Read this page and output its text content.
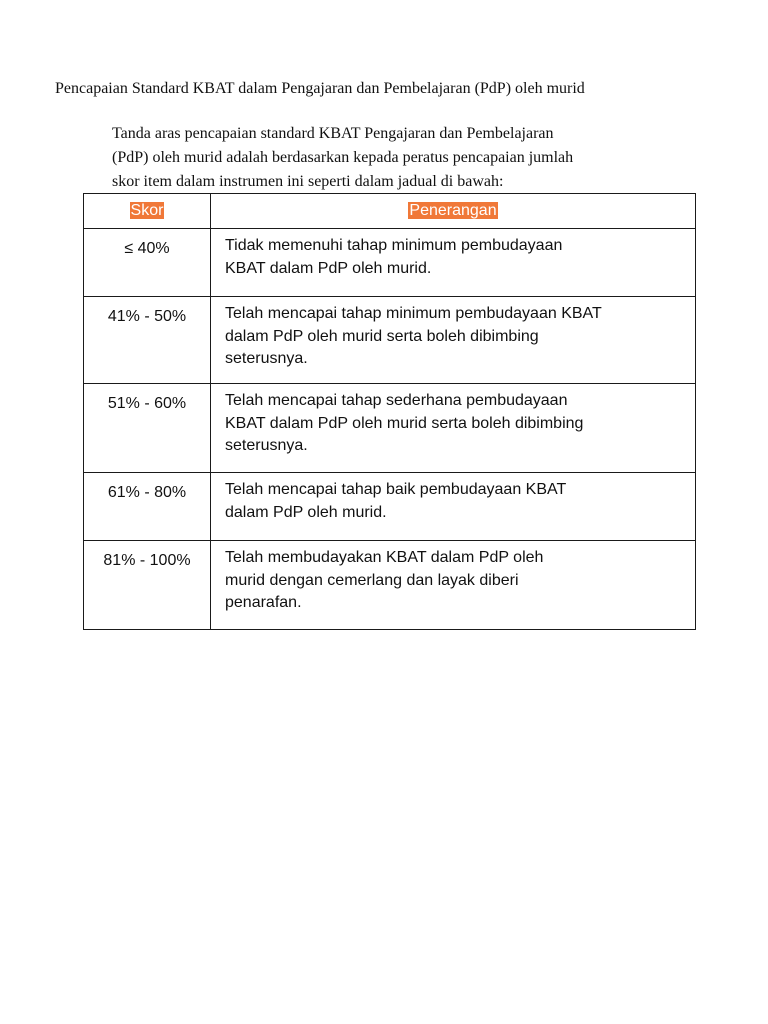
Pencapaian Standard KBAT dalam Pengajaran dan Pembelajaran (PdP) oleh murid
Tanda aras pencapaian standard KBAT Pengajaran dan Pembelajaran
(PdP) oleh murid adalah berdasarkan kepada peratus pencapaian jumlah
skor item dalam instrumen ini seperti dalam jadual di bawah:
Skor	Penerangan
≤ 40%	Tidak memenuhi tahap minimum pembudayaan
KBAT dalam PdP oleh murid.

41% - 50%	Telah mencapai tahap minimum pembudayaan KBAT
dalam PdP oleh murid serta boleh dibimbing
seterusnya.

51% - 60%	Telah mencapai tahap sederhana pembudayaan
KBAT dalam PdP oleh murid serta boleh dibimbing
seterusnya.

61% - 80%	Telah mencapai tahap baik pembudayaan KBAT
dalam PdP oleh murid.

81% - 100%	Telah membudayakan KBAT dalam PdP oleh
murid dengan cemerlang dan layak diberi
penarafan.
